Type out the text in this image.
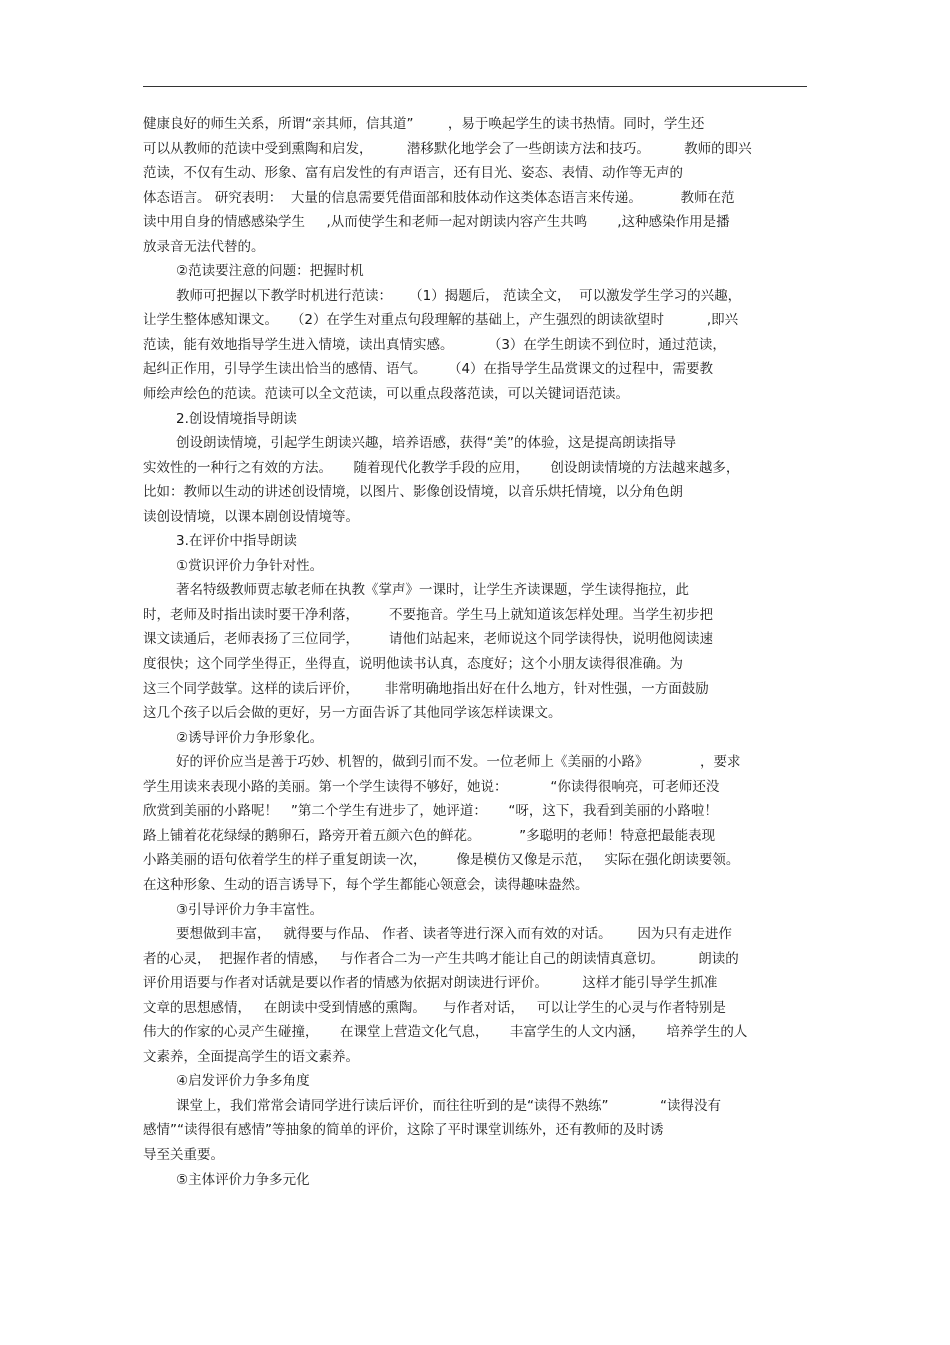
健康良好的师生关系，所谓“亲其师，信其道”        ，易于唤起学生的读书热情。同时，学生还
可以从教师的范读中受到熏陶和启发，        潜移默化地学会了一些朗读方法和技巧。        教师的即兴
范读，不仅有生动、形象、富有启发性的有声语言，还有目光、姿态、表情、动作等无声的
体态语言。 研究表明：  大量的信息需要凭借面部和肢体动作这类体态语言来传递。         教师在范
读中用自身的情感感染学生     ,从而使学生和老师一起对朗读内容产生共鸣       ,这种感染作用是播
放录音无法代替的。
②范读要注意的问题：把握时机
教师可把握以下教学时机进行范读：    （1）揭题后， 范读全文，  可以激发学生学习的兴趣，
让学生整体感知课文。   （2）在学生对重点句段理解的基础上，产生强烈的朗读欲望时          ,即兴
范读，能有效地指导学生进入情境，读出真情实感。        （3）在学生朗读不到位时，通过范读，
起纠正作用，引导学生读出恰当的感情、语气。     （4）在指导学生品赏课文的过程中，需要教
师绘声绘色的范读。范读可以全文范读，可以重点段落范读，可以关键词语范读。
2.创设情境指导朗读
创设朗读情境，引起学生朗读兴趣，培养语感，获得“美”的体验，这是提高朗读指导
实效性的一种行之有效的方法。     随着现代化教学手段的应用，     创设朗读情境的方法越来越多，
比如：教师以生动的讲述创设情境，以图片、影像创设情境，以音乐烘托情境，以分角色朗
读创设情境，以课本剧创设情境等。
3.在评价中指导朗读
①赏识评价力争针对性。
著名特级教师贾志敏老师在执教《掌声》一课时，让学生齐读课题，学生读得拖拉，此
时，老师及时指出读时要干净利落，       不要拖音。学生马上就知道该怎样处理。当学生初步把
课文读通后，老师表扬了三位同学，       请他们站起来，老师说这个同学读得快，说明他阅读速
度很快；这个同学坐得正，坐得直，说明他读书认真，态度好；这个小朋友读得很准确。为
这三个同学鼓掌。这样的读后评价，      非常明确地指出好在什么地方，针对性强，一方面鼓励
这几个孩子以后会做的更好，另一方面告诉了其他同学该怎样读课文。
②诱导评价力争形象化。
好的评价应当是善于巧妙、机智的，做到引而不发。一位老师上《美丽的小路》            ，要求
学生用读来表现小路的美丽。第一个学生读得不够好，她说：          “你读得很响亮，可老师还没
欣赏到美丽的小路呢！   ”第二个学生有进步了，她评道：     “呀，这下，我看到美丽的小路啦！
路上铺着花花绿绿的鹅卵石，路旁开着五颜六色的鲜花。         ”多聪明的老师！特意把最能表现
小路美丽的语句依着学生的样子重复朗读一次，       像是模仿又像是示范，   实际在强化朗读要领。
在这种形象、生动的语言诱导下，每个学生都能心领意会，读得趣味盎然。
③引导评价力争丰富性。
要想做到丰富，   就得要与作品、 作者、读者等进行深入而有效的对话。      因为只有走进作
者的心灵，  把握作者的情感，   与作者合二为一产生共鸣才能让自己的朗读情真意切。        朗读的
评价用语要与作者对话就是要以作者的情感为依据对朗读进行评价。        这样才能引导学生抓准
文章的思想感情，   在朗读中受到情感的熏陶。    与作者对话，   可以让学生的心灵与作者特别是
伟大的作家的心灵产生碰撞，     在课堂上营造文化气息，     丰富学生的人文内涵，     培养学生的人
文素养，全面提高学生的语文素养。
④启发评价力争多角度
课堂上，我们常常会请同学进行读后评价，而往往听到的是“读得不熟练”            “读得没有
感情”“读得很有感情”等抽象的简单的评价，这除了平时课堂训练外，还有教师的及时诱
导至关重要。
⑤主体评价力争多元化
